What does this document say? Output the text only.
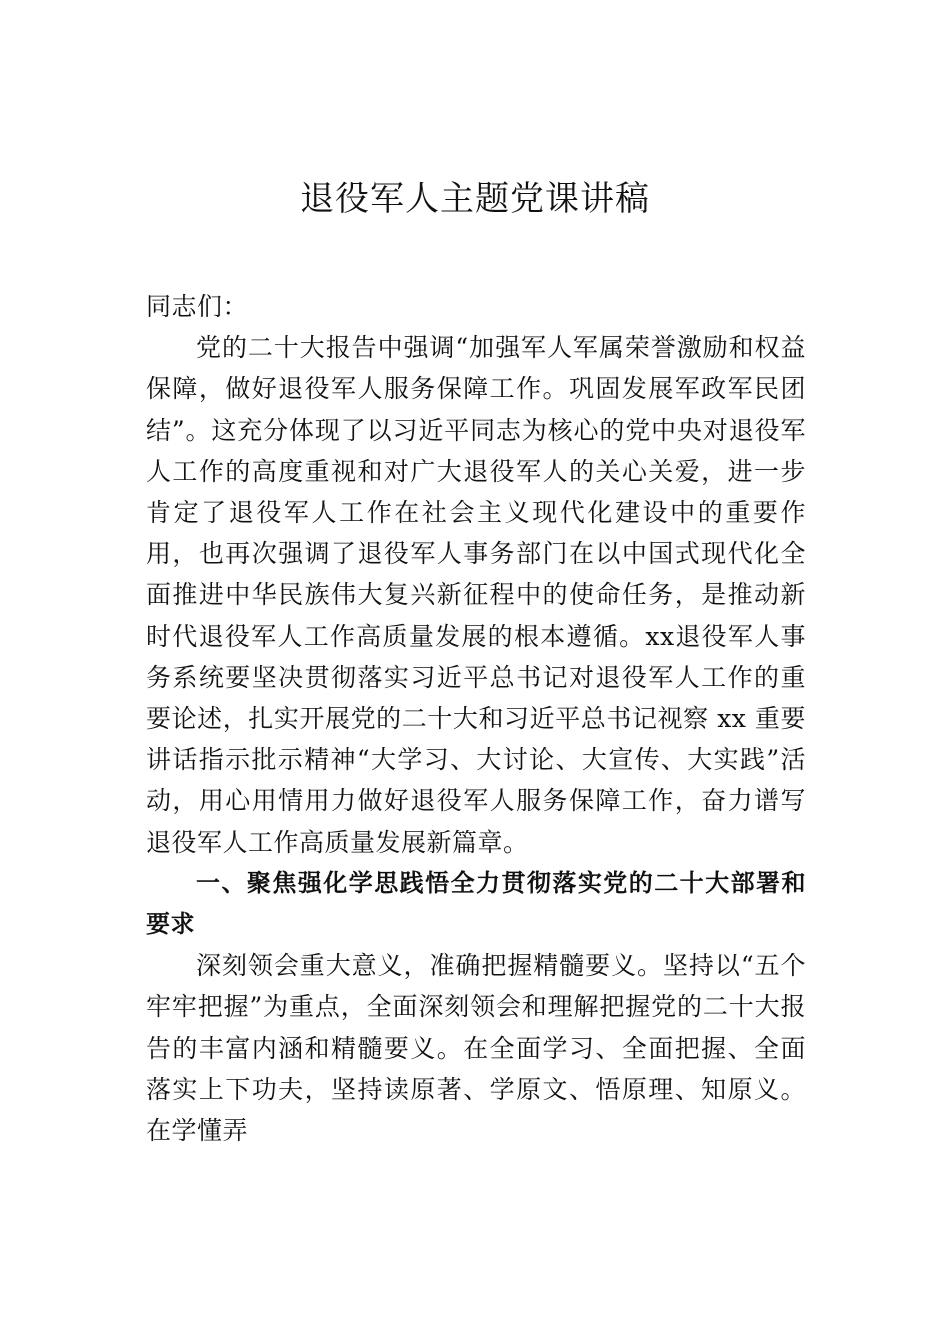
退役军人主题党课讲稿

同志们：

党的二十大报告中强调“加强军人军属荣誉激励和权益保障，做好退役军人服务保障工作。巩固发展军政军民团结”。这充分体现了以习近平同志为核心的党中央对退役军人工作的高度重视和对广大退役军人的关心关爱，进一步肯定了退役军人工作在社会主义现代化建设中的重要作用，也再次强调了退役军人事务部门在以中国式现代化全面推进中华民族伟大复兴新征程中的使命任务，是推动新时代退役军人工作高质量发展的根本遵循。xx退役军人事务系统要坚决贯彻落实习近平总书记对退役军人工作的重要论述，扎实开展党的二十大和习近平总书记视察 xx 重要讲话指示批示精神“大学习、大讨论、大宣传、大实践”活动，用心用情用力做好退役军人服务保障工作，奋力谱写退役军人工作高质量发展新篇章。

一、聚焦强化学思践悟全力贯彻落实党的二十大部署和要求

深刻领会重大意义，准确把握精髓要义。坚持以“五个牢牢把握”为重点，全面深刻领会和理解把握党的二十大报告的丰富内涵和精髓要义。在全面学习、全面把握、全面落实上下功夫，坚持读原著、学原文、悟原理、知原义。在学懂弄
